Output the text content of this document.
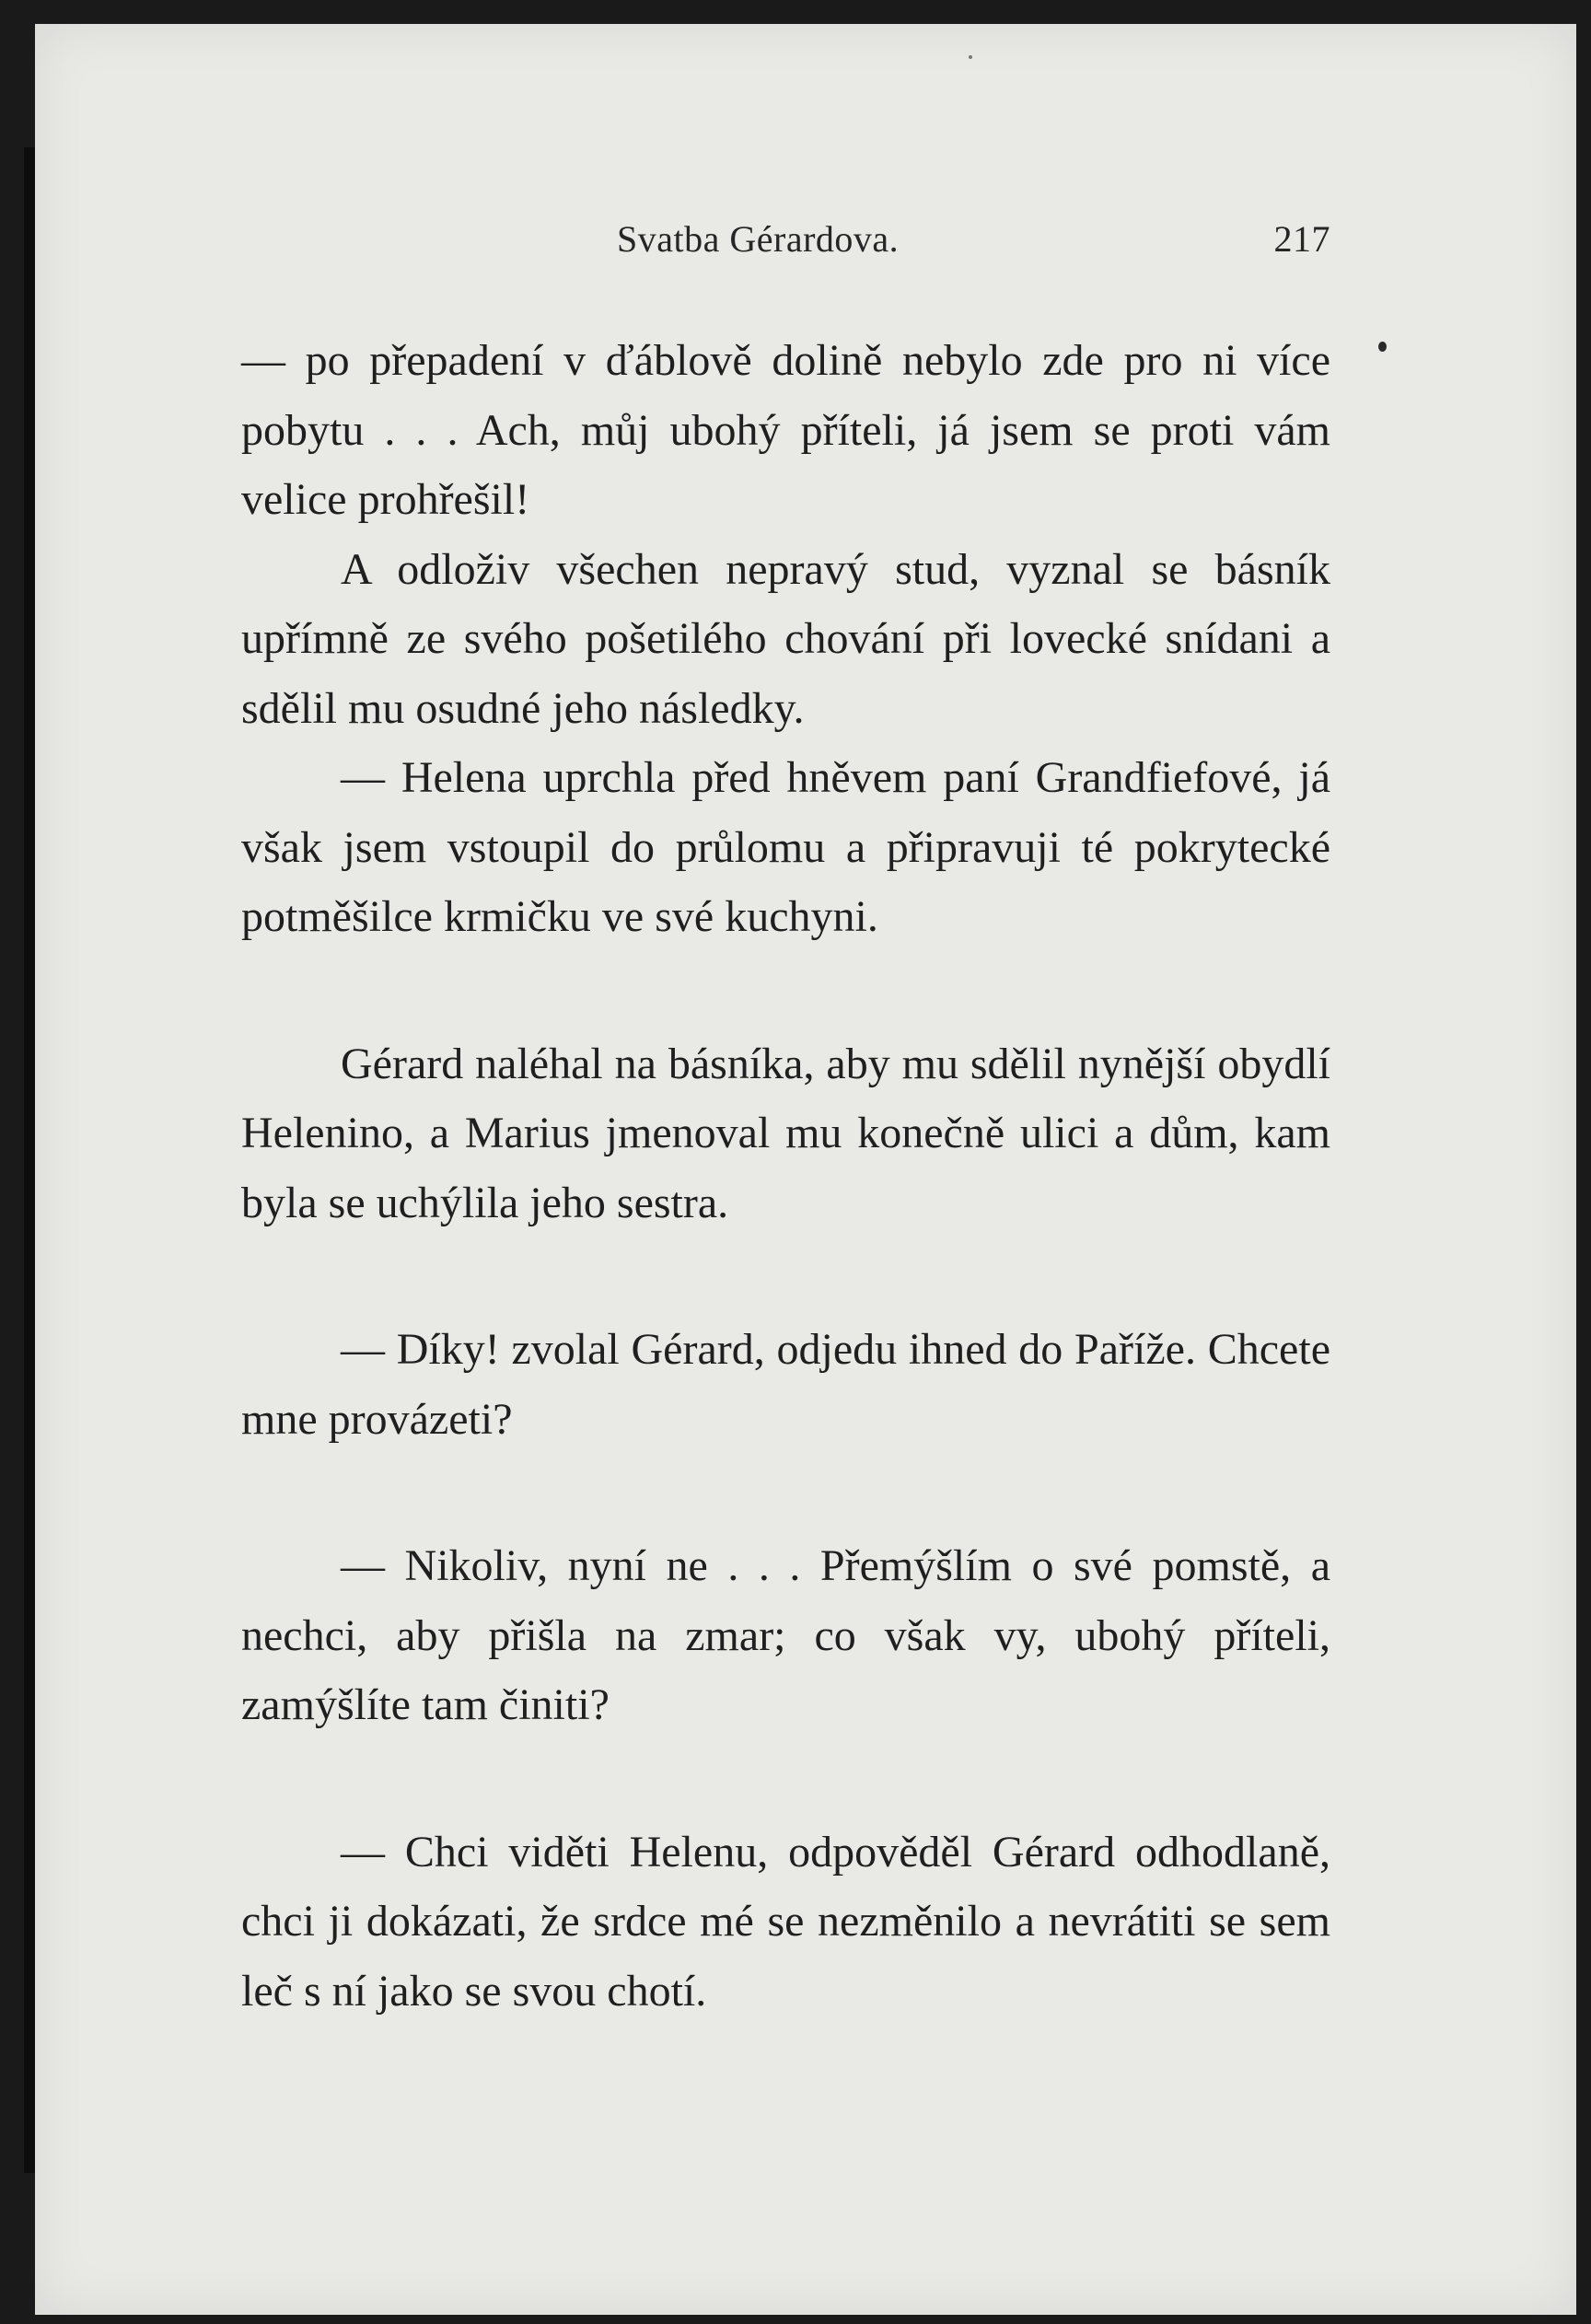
Svatba Gérardova.	217

— po přepadení v ďáblově dolině nebylo zde pro ni více pobytu . . . Ach, můj ubohý příteli, já jsem se proti vám velice prohřešil!

A odloživ všechen nepravý stud, vyznal se básník upřímně ze svého pošetilého chování při lovecké snídani a sdělil mu osudné jeho následky.

— Helena uprchla před hněvem paní Grandfiefové, já však jsem vstoupil do průlomu a připravuji té pokrytecké potměšilce krmičku ve své kuchyni.

Gérard naléhal na básníka, aby mu sdělil nynější obydlí Helenino, a Marius jmenoval mu konečně ulici a dům, kam byla se uchýlila jeho sestra.

— Díky! zvolal Gérard, odjedu ihned do Paříže. Chcete mne provázeti?

— Nikoliv, nyní ne . . . Přemýšlím o své pomstě, a nechci, aby přišla na zmar; co však vy, ubohý příteli, zamýšlíte tam činiti?

— Chci viděti Helenu, odpověděl Gérard odhodlaně, chci ji dokázati, že srdce mé se nezměnilo a nevrátiti se sem leč s ní jako se svou chotí.
